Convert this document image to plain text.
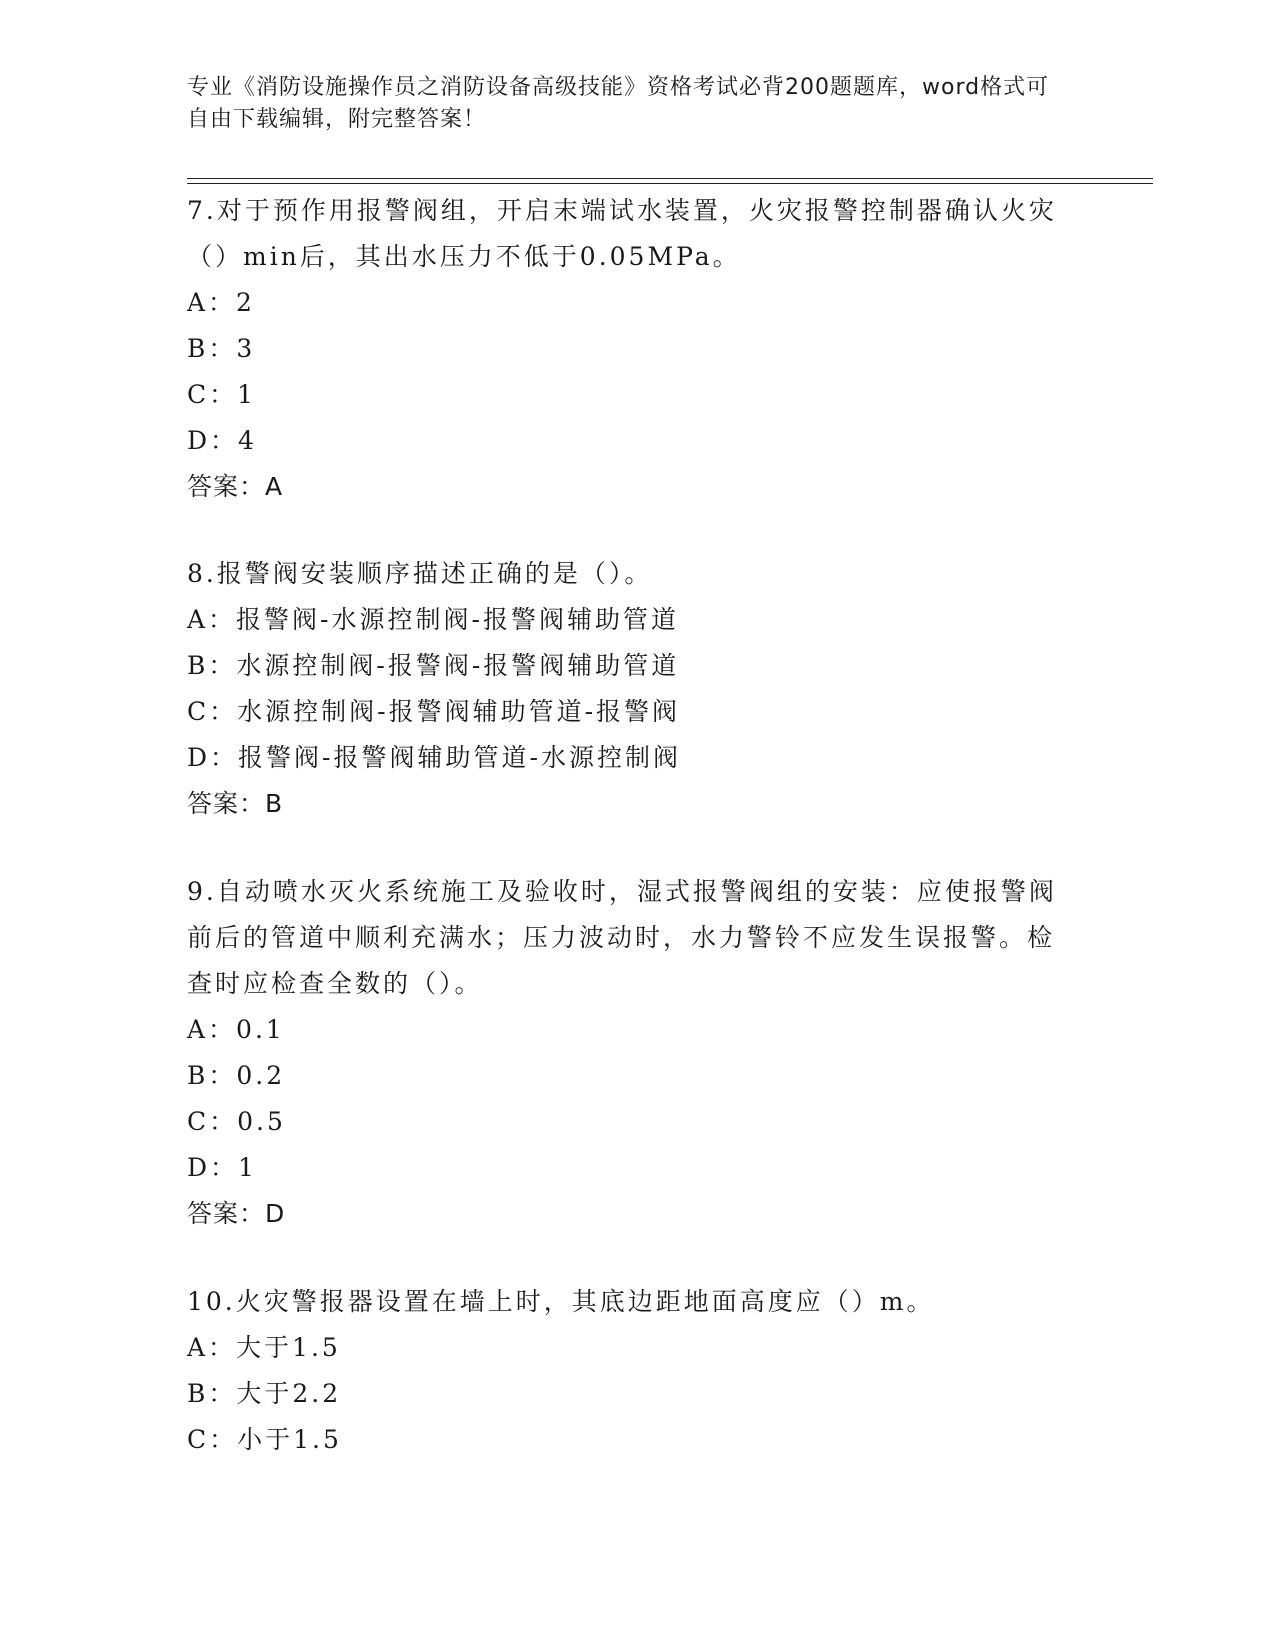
专业《消防设施操作员之消防设备高级技能》资格考试必背200题题库，word格式可自由下载编辑，附完整答案！

7.对于预作用报警阀组，开启末端试水装置，火灾报警控制器确认火灾（）min后，其出水压力不低于0.05MPa。

A：2

B：3

C：1

D：4

答案：A

8.报警阀安装顺序描述正确的是（）。

A：报警阀-水源控制阀-报警阀辅助管道

B：水源控制阀-报警阀-报警阀辅助管道

C：水源控制阀-报警阀辅助管道-报警阀

D：报警阀-报警阀辅助管道-水源控制阀

答案：B

9.自动喷水灭火系统施工及验收时，湿式报警阀组的安装：应使报警阀前后的管道中顺利充满水；压力波动时，水力警铃不应发生误报警。检查时应检查全数的（）。

A：0.1

B：0.2

C：0.5

D：1

答案：D

10.火灾警报器设置在墙上时，其底边距地面高度应（）m。

A：大于1.5

B：大于2.2

C：小于1.5
